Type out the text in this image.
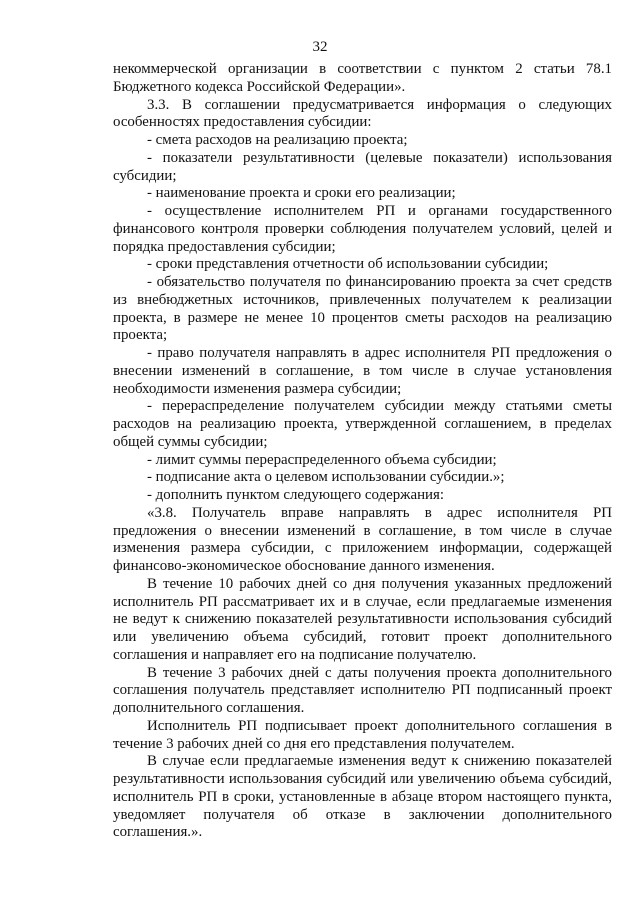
32

некоммерческой организации в соответствии с пунктом 2 статьи 78.1 Бюджетного кодекса Российской Федерации».

3.3. В соглашении предусматривается информация о следующих особенностях предоставления субсидии:

- смета расходов на реализацию проекта;

- показатели результативности (целевые показатели) использования субсидии;

- наименование проекта и сроки его реализации;

- осуществление исполнителем РП и органами государственного финансового контроля проверки соблюдения получателем условий, целей и порядка предоставления субсидии;

- сроки представления отчетности об использовании субсидии;

- обязательство получателя по финансированию проекта за счет средств из внебюджетных источников, привлеченных получателем к реализации проекта, в размере не менее 10 процентов сметы расходов на реализацию проекта;

- право получателя направлять в адрес исполнителя РП предложения о внесении изменений в соглашение, в том числе в случае установления необходимости изменения размера субсидии;

- перераспределение получателем субсидии между статьями сметы расходов на реализацию проекта, утвержденной соглашением, в пределах общей суммы субсидии;

- лимит суммы перераспределенного объема субсидии;

- подписание акта о целевом использовании субсидии.»;

- дополнить пунктом следующего содержания:

«3.8. Получатель вправе направлять в адрес исполнителя РП предложения о внесении изменений в соглашение, в том числе в случае изменения размера субсидии, с приложением информации, содержащей финансово-экономическое обоснование данного изменения.

В течение 10 рабочих дней со дня получения указанных предложений исполнитель РП рассматривает их и в случае, если предлагаемые изменения не ведут к снижению показателей результативности использования субсидий или увеличению объема субсидий, готовит проект дополнительного соглашения и направляет его на подписание получателю.

В течение 3 рабочих дней с даты получения проекта дополнительного соглашения получатель представляет исполнителю РП подписанный проект дополнительного соглашения.

Исполнитель РП подписывает проект дополнительного соглашения в течение 3 рабочих дней со дня его представления получателем.

В случае если предлагаемые изменения ведут к снижению показателей результативности использования субсидий или увеличению объема субсидий, исполнитель РП в сроки, установленные в абзаце втором настоящего пункта, уведомляет получателя об отказе в заключении дополнительного соглашения.».
